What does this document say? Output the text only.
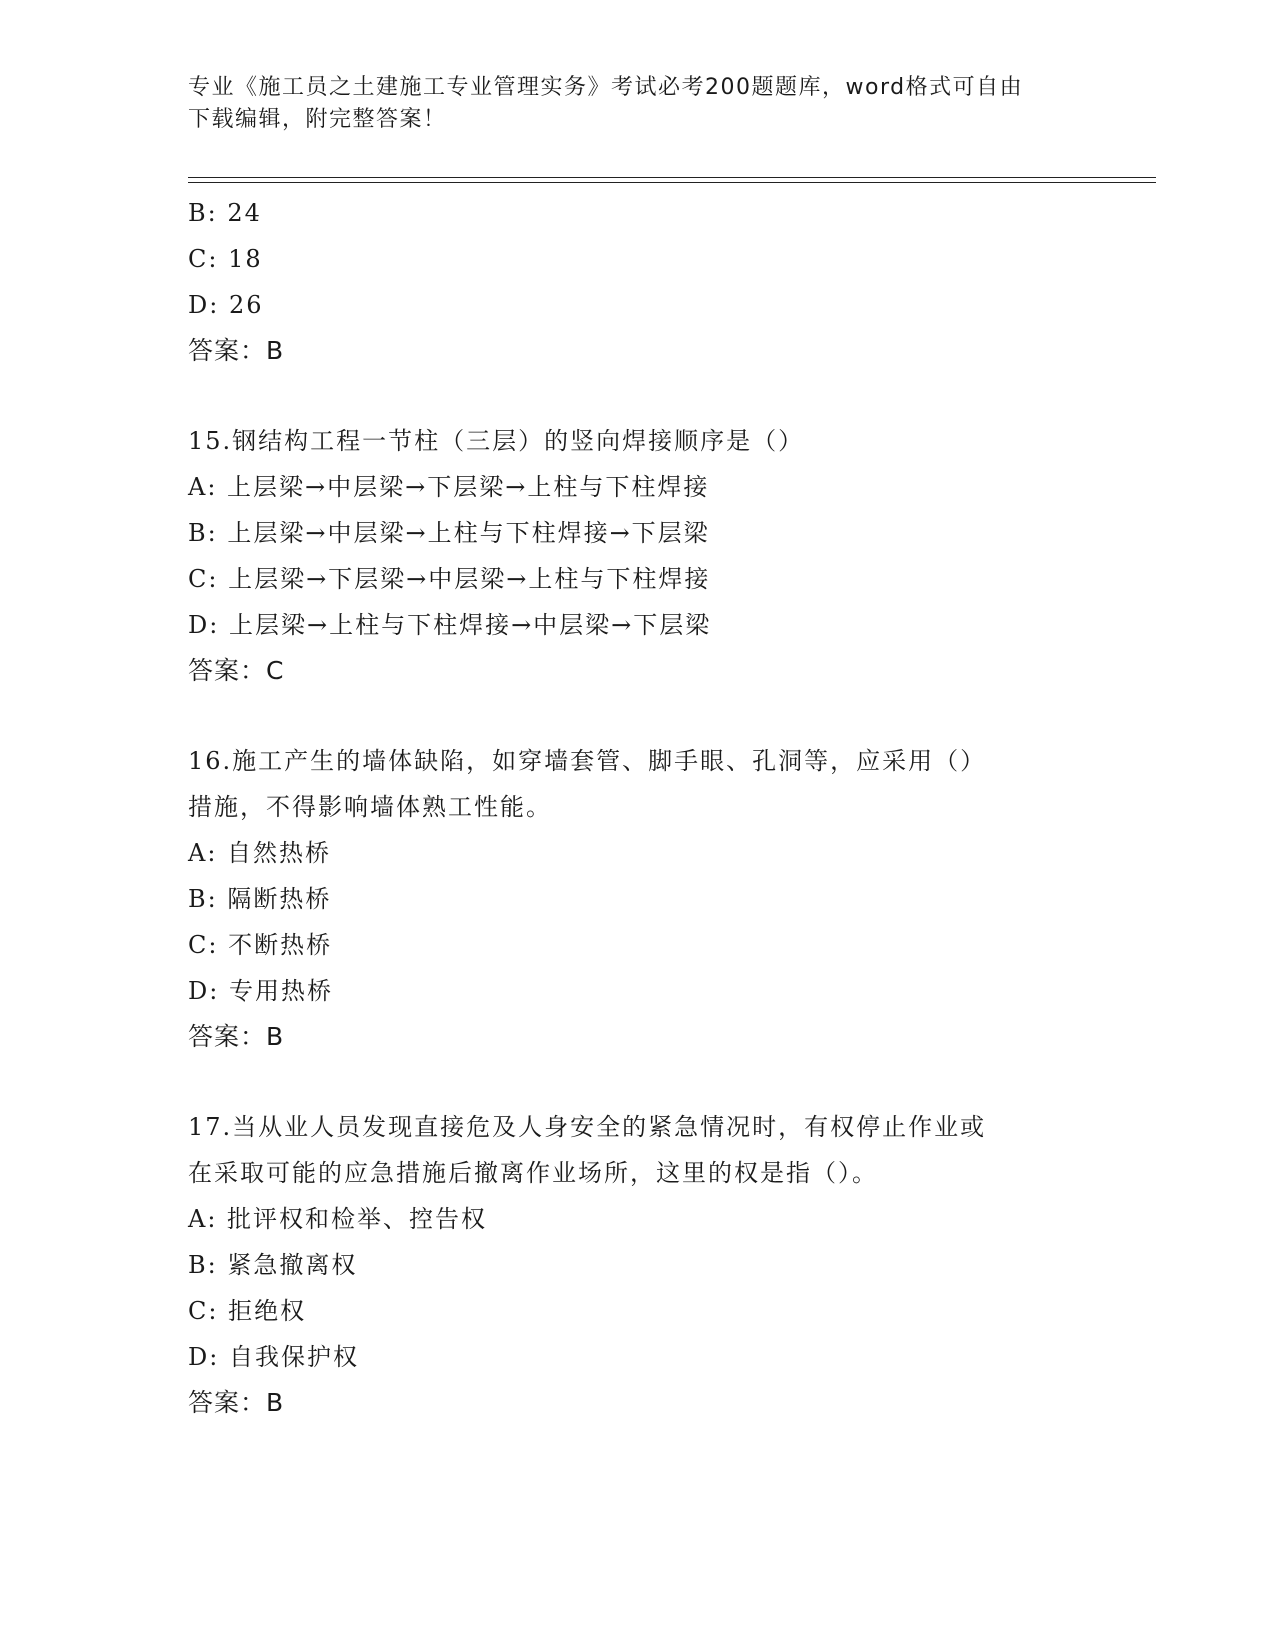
专业《施工员之土建施工专业管理实务》考试必考200题题库，word格式可自由
下载编辑，附完整答案！
B: 24
C: 18
D: 26
答案：B
15.钢结构工程一节柱（三层）的竖向焊接顺序是（）
A: 上层梁→中层梁→下层梁→上柱与下柱焊接
B: 上层梁→中层梁→上柱与下柱焊接→下层梁
C: 上层梁→下层梁→中层梁→上柱与下柱焊接
D: 上层梁→上柱与下柱焊接→中层梁→下层梁
答案：C
16.施工产生的墙体缺陷，如穿墙套管、脚手眼、孔洞等，应采用（）
措施，不得影响墙体熟工性能。
A: 自然热桥
B: 隔断热桥
C: 不断热桥
D: 专用热桥
答案：B
17.当从业人员发现直接危及人身安全的紧急情况时，有权停止作业或
在采取可能的应急措施后撤离作业场所，这里的权是指（）。
A: 批评权和检举、控告权
B: 紧急撤离权
C: 拒绝权
D: 自我保护权
答案：B
